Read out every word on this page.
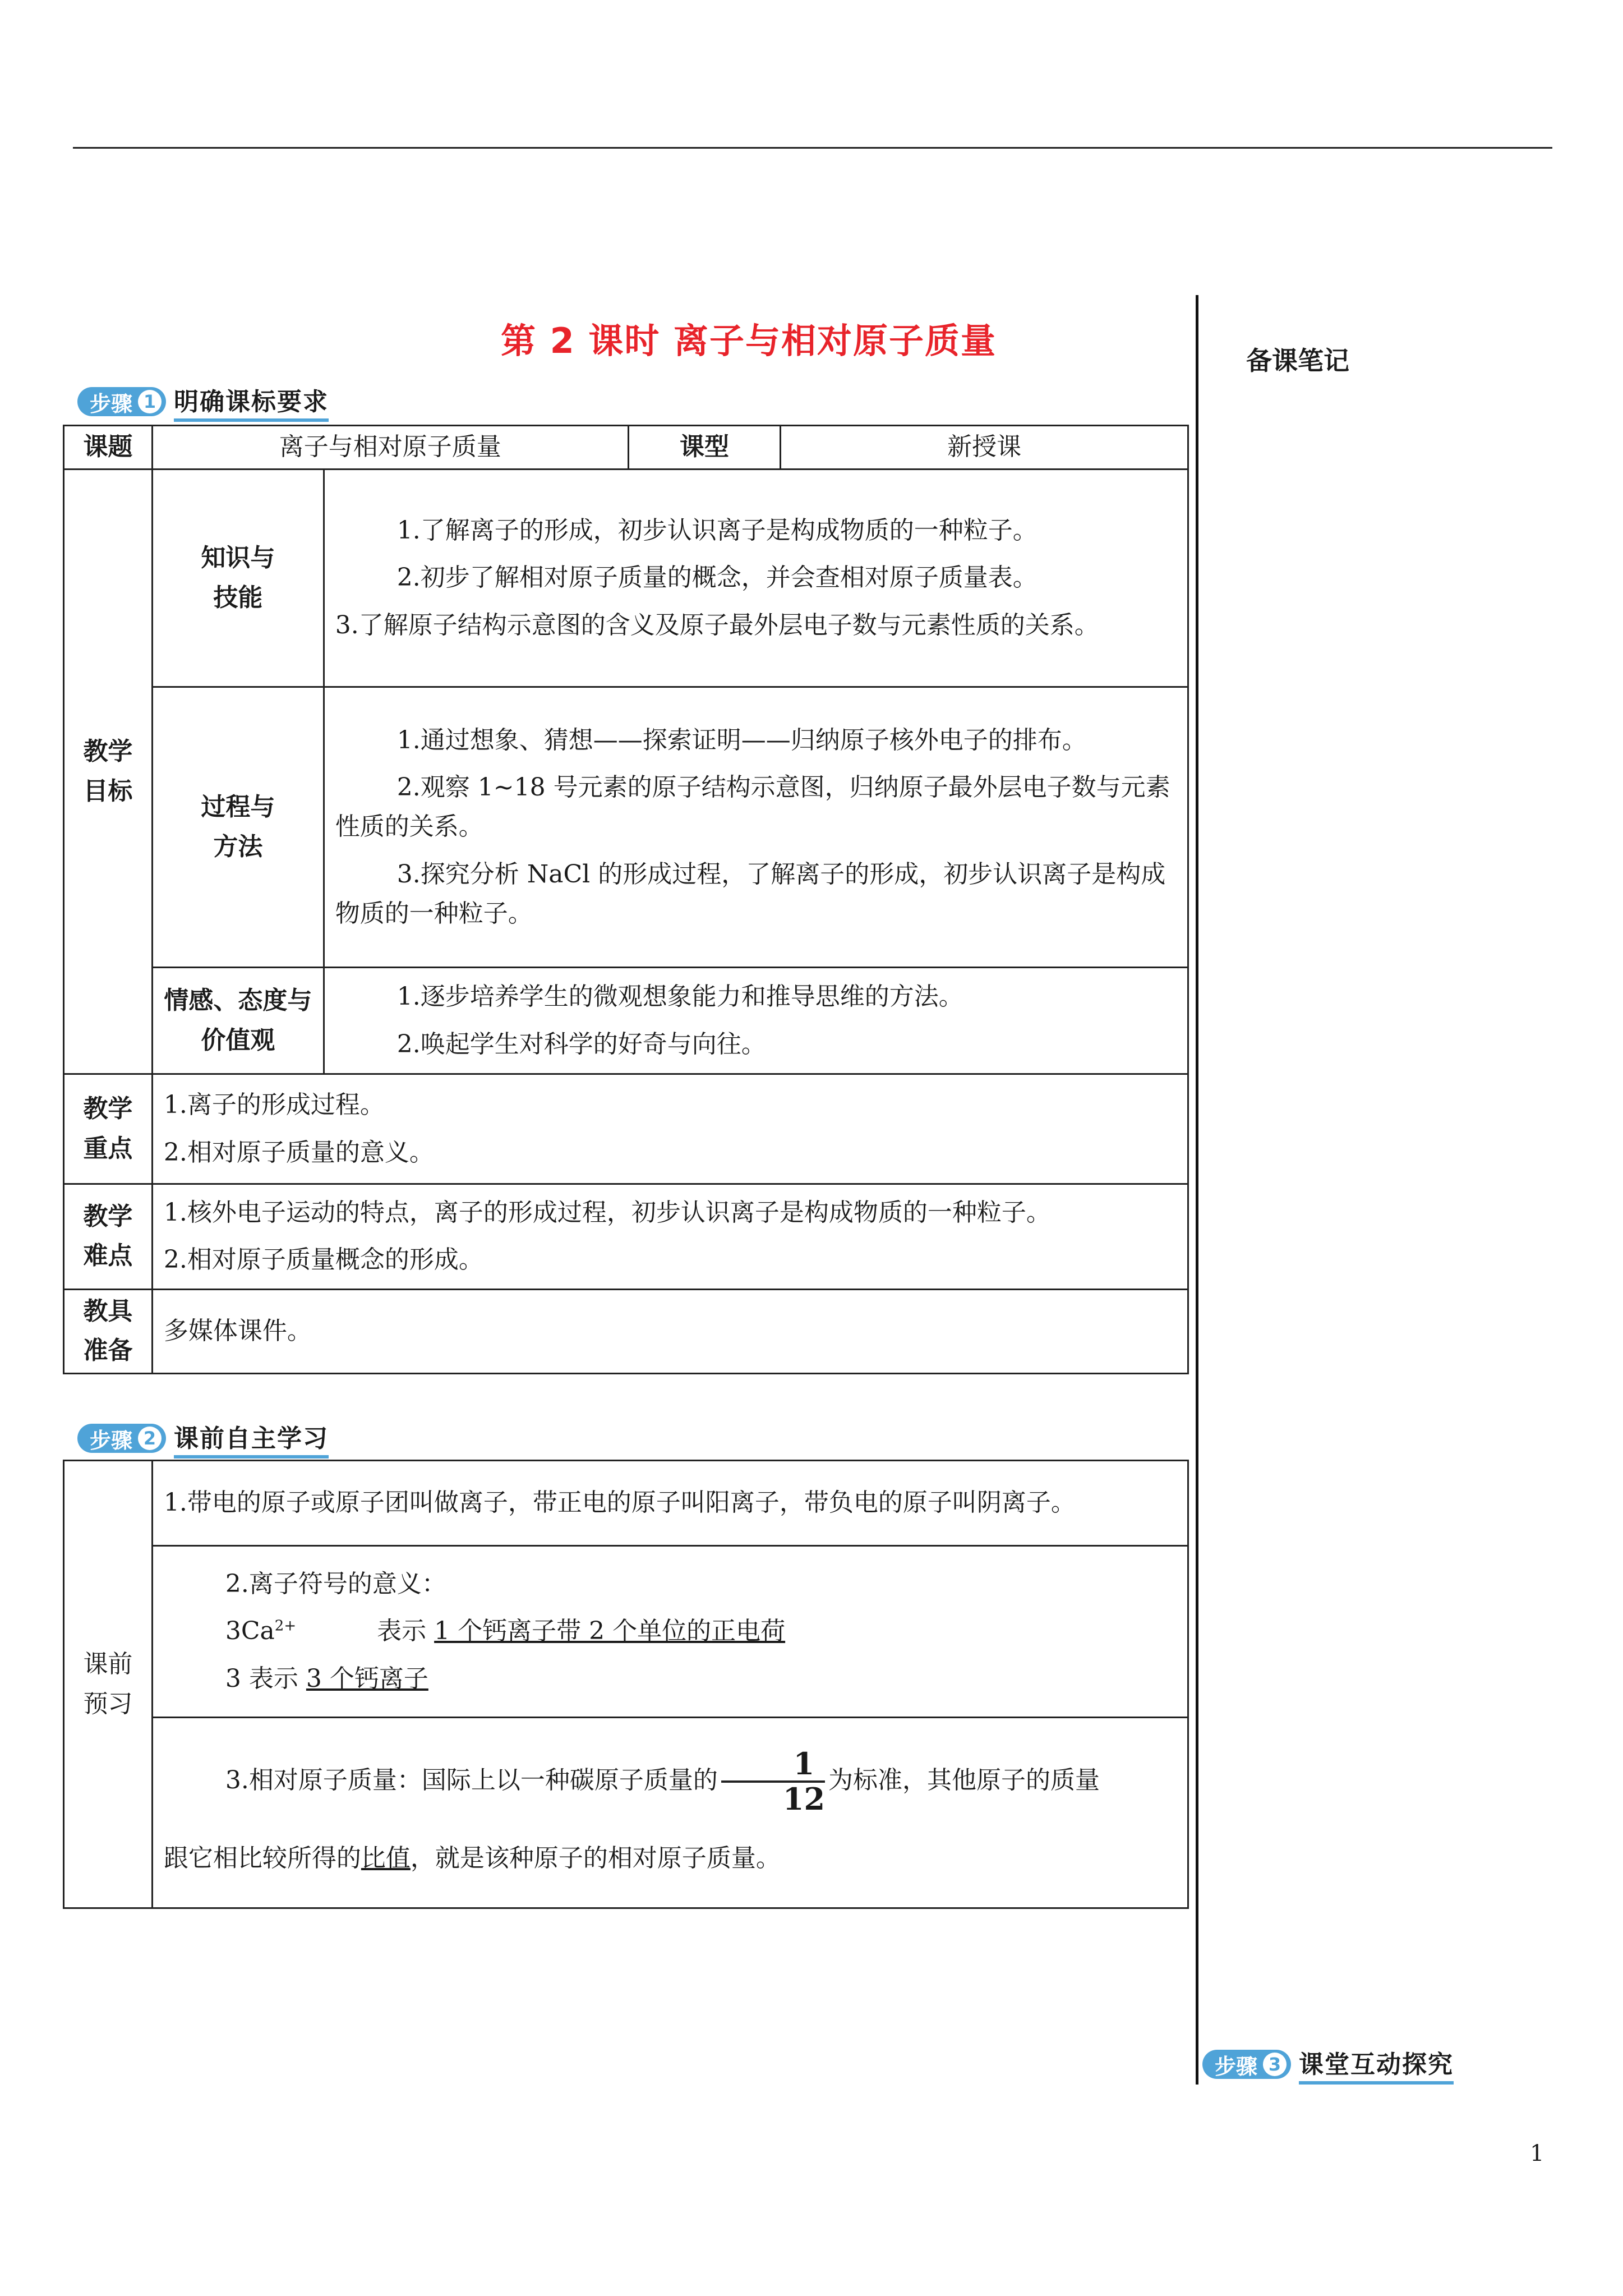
第 2 课时 离子与相对原子质量	备课笔记
步骤 1 明确课标要求
课题	离子与相对原子质量		课型	新授课

教学目标	知识与技能	1.了解离子的形成，初步认识离子是构成物质的一种粒子。
2.初步了解相对原子质量的概念，并会查相对原子质量表。
3.了解原子结构示意图的含义及原子最外层电子数与元素性质的关系。		

	过程与方法	1.通过想象、猜想——探索证明——归纳原子核外电子的排布。
2.观察 1~18 号元素的原子结构示意图，归纳原子最外层电子数与元素性质的关系。
3.探究分析 NaCl 的形成过程，了解离子的形成，初步认识离子是构成物质的一种粒子。		

	情感、态度与价值观	1.逐步培养学生的微观想象能力和推导思维的方法。
2.唤起学生对科学的好奇与向往。		

教学重点	1.离子的形成过程。
2.相对原子质量的意义。			

教学难点	1.核外电子运动的特点，离子的形成过程，初步认识离子是构成物质的一种粒子。
2.相对原子质量概念的形成。			

教具准备	多媒体课件。			
步骤 2 课前自主学习
课前预习

1.带电的原子或原子团叫做离子，带正电的原子叫阳离子，带负电的原子叫阴离子。

2.离子符号的意义：
$3Ca^{2+}$	表示 1 个钙离子带 2 个单位的正电荷
3 表示 3 个钙离子

3.相对原子质量：国际上以一种碳原子质量的 $\frac{1}{12}$ 为标准，其他原子的质量
跟它相比较所得的比值，就是该种原子的相对原子质量。
步骤 3 课堂互动探究
1
